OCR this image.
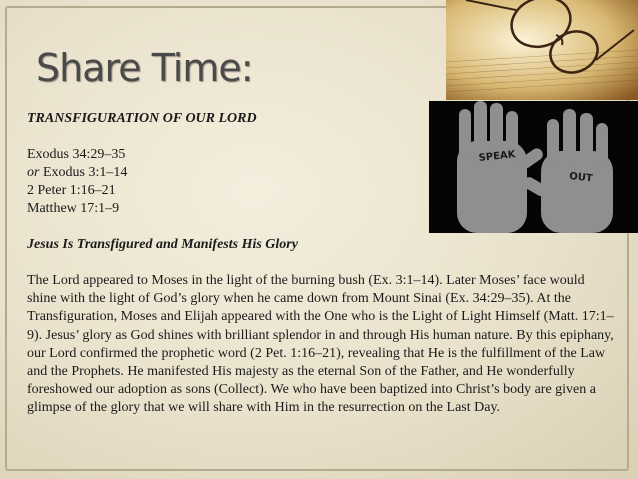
Share Time:
SPEAK
OUT

TRANSFIGURATION OF OUR LORD

Exodus 34:29–35

or Exodus 3:1–14

2 Peter 1:16–21

Matthew 17:1–9

Jesus Is Transfigured and Manifests His Glory

The Lord appeared to Moses in the light of the burning bush (Ex. 3:1–14). Later Moses’ face would shine with the light of God’s glory when he came down from Mount Sinai (Ex. 34:29–35). At the Transfiguration, Moses and Elijah appeared with the One who is the Light of Light Himself (Matt. 17:1–9). Jesus’ glory as God shines with brilliant splendor in and through His human nature. By this epiphany, our Lord confirmed the prophetic word (2 Pet. 1:16–21), revealing that He is the fulfillment of the Law and the Prophets. He manifested His majesty as the eternal Son of the Father, and He wonderfully foreshowed our adoption as sons (Collect). We who have been baptized into Christ’s body are given a glimpse of the glory that we will share with Him in the resurrection on the Last Day.
